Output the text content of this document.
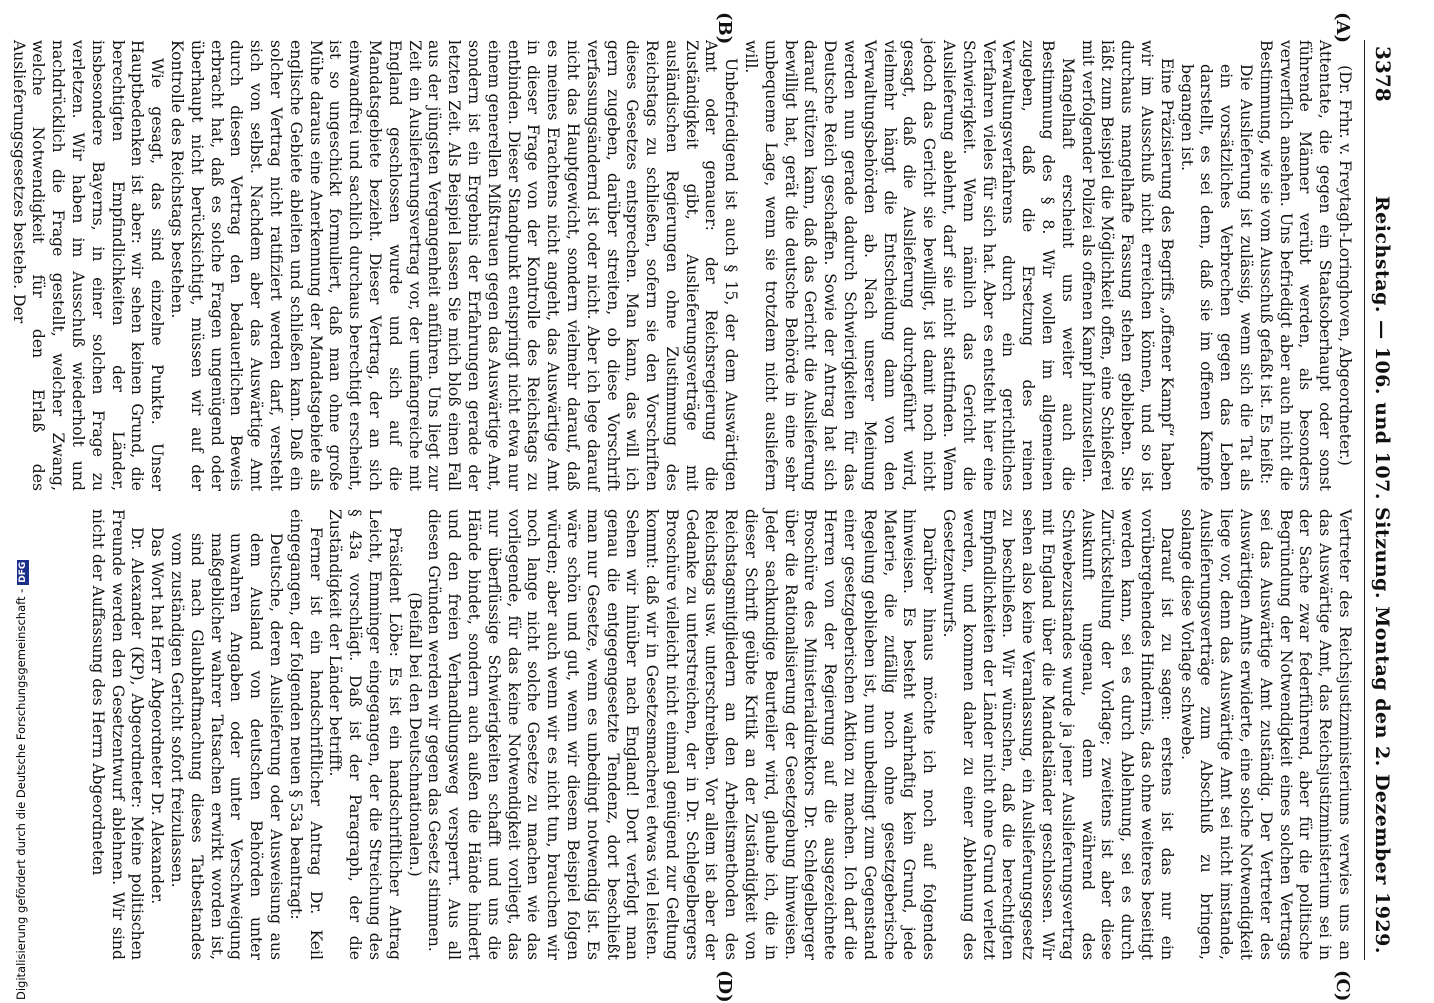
Digitalisierung gefördert durch die Deutsche Forschungsgemeinschaft -DFG
3378
Reichstag. — 106. und 107. Sitzung. Montag den 2. Dezember 1929.

(Dr. Frhr. v. Freytagh-Loringhoven, Abgeordneter.)

Attentate, die gegen ein Staatsoberhaupt oder sonst führende Männer verübt werden, als besonders verwerflich ansehen. Uns befriedigt aber auch nicht die Bestimmung, wie sie vom Ausschuß gefaßt ist. Es heißt:

Die Auslieferung ist zulässig, wenn sich die Tat als ein vorsätzliches Verbrechen gegen das Leben darstellt, es sei denn, daß sie im offenen Kampfe begangen ist.

Eine Präzisierung des Begriffs „offener Kampf“ haben wir im Ausschuß nicht erreichen können, und so ist durchaus mangelhafte Fassung stehen geblieben. Sie läßt zum Beispiel die Möglichkeit offen, eine Schießerei mit verfolgender Polizei als offenen Kampf hinzustellen.

Mangelhaft erscheint uns weiter auch die Bestimmung des § 8. Wir wollen im allgemeinen zugeben, daß die Ersetzung des reinen Verwaltungsverfahrens durch ein gerichtliches Verfahren vieles für sich hat. Aber es entsteht hier eine Schwierigkeit. Wenn nämlich das Gericht die Auslieferung ablehnt, darf sie nicht stattfinden. Wenn jedoch das Gericht sie bewilligt, ist damit noch nicht gesagt, daß die Auslieferung durchgeführt wird, vielmehr hängt die Entscheidung dann von den Verwaltungsbehörden ab. Nach unserer Meinung werden nun gerade dadurch Schwierigkeiten für das Deutsche Reich geschaffen. Sowie der Antrag hat sich darauf stützen kann, daß das Gericht die Auslieferung bewilligt hat, gerät die deutsche Behörde in eine sehr unbequeme Lage, wenn sie trotzdem nicht ausliefern will.

Unbefriedigend ist auch § 15, der dem Auswärtigen Amt oder genauer: der Reichsregierung die Zuständigkeit gibt, Auslieferungsverträge mit ausländischen Regierungen ohne Zustimmung des Reichstags zu schließen, sofern sie den Vorschriften dieses Gesetzes entsprechen. Man kann, das will ich gern zugeben, darüber streiten, ob diese Vorschrift verfassungsändernd ist oder nicht. Aber ich lege darauf nicht das Hauptgewicht, sondern vielmehr darauf, daß es meines Erachtens nicht angeht, das Auswärtige Amt in dieser Frage von der Kontrolle des Reichstags zu entbinden. Dieser Standpunkt entspringt nicht etwa nur einem generellen Mißtrauen gegen das Auswärtige Amt, sondern ist ein Ergebnis der Erfahrungen gerade der letzten Zeit. Als Beispiel lassen Sie mich bloß einen Fall aus der jüngsten Vergangenheit anführen. Uns liegt zur Zeit ein Auslieferungsvertrag vor, der umfangreiche mit England geschlossen wurde und sich auf die Mandatsgebiete bezieht. Dieser Vertrag, der an sich einwandfrei und sachlich durchaus berechtigt erscheint, ist so ungeschickt formuliert, daß man ohne große Mühe daraus eine Anerkennung der Mandatsgebiete als englische Gebiete ableiten und schließen kann. Daß ein solcher Vertrag nicht ratifiziert werden darf, versteht sich von selbst. Nachdem aber das Auswärtige Amt durch diesen Vertrag den bedauerlichen Beweis erbracht hat, daß es solche Fragen ungenügend oder überhaupt nicht berücksichtigt, müssen wir auf der Kontrolle des Reichstags bestehen.

Wie gesagt, das sind einzelne Punkte. Unser Hauptbedenken ist aber: wir sehen keinen Grund, die berechtigten Empfindlichkeiten der Länder, insbesondere Bayerns, in einer solchen Frage zu verletzen. Wir haben im Ausschuß wiederholt und nachdrücklich die Frage gestellt, welcher Zwang, welche Notwendigkeit für den Erlaß des Auslieferungsgesetzes bestehe. Der

Vertreter des Reichsjustizministeriums verwies uns an das Auswärtige Amt, das Reichsjustizministerium sei in der Sache zwar federführend, aber für die politische Begründung der Notwendigkeit eines solchen Vertrags sei das Auswärtige Amt zuständig. Der Vertreter des Auswärtigen Amts erwiderte, eine solche Notwendigkeit liege vor, denn das Auswärtige Amt sei nicht imstande, Auslieferungsverträge zum Abschluß zu bringen, solange diese Vorlage schwebe.

Darauf ist zu sagen: erstens ist das nur ein vorübergehendes Hindernis, das ohne weiteres beseitigt werden kann, sei es durch Ablehnung, sei es durch Zurückstellung der Vorlage; zweitens ist aber diese Auskunft ungenau, denn während des Schwebezustandes wurde ja jener Auslieferungsvertrag mit England über die Mandatsländer geschlossen. Wir sehen also keine Veranlassung, ein Auslieferungsgesetz zu beschließen. Wir wünschen, daß die berechtigten Empfindlichkeiten der Länder nicht ohne Grund verletzt werden, und kommen daher zu einer Ablehnung des Gesetzentwurfs.

Darüber hinaus möchte ich noch auf folgendes hinweisen. Es besteht wahrhaftig kein Grund, jede Materie, die zufällig noch ohne gesetzgeberische Regelung geblieben ist, nun unbedingt zum Gegenstand einer gesetzgeberischen Aktion zu machen. Ich darf die Herren von der Regierung auf die ausgezeichnete Broschüre des Ministerialdirektors Dr. Schlegelberger über die Rationalisierung der Gesetzgebung hinweisen. Jeder sachkundige Beurteiler wird, glaube ich, die in dieser Schrift geübte Kritik an der Zuständigkeit von Reichstagsmitgliedern an den Arbeitsmethoden des Reichstags usw. unterschreiben. Vor allem ist aber der Gedanke zu unterstreichen, der in Dr. Schlegelbergers Broschüre vielleicht nicht einmal genügend zur Geltung kommt: daß wir in Gesetzesmacherei etwas viel leisten. Sehen wir hinüber nach England! Dort verfolgt man genau die entgegengesetzte Tendenz, dort beschließt man nur Gesetze, wenn es unbedingt notwendig ist. Es wäre schön und gut, wenn wir diesem Beispiel folgen würden; aber auch wenn wir es nicht tun, brauchen wir noch lange nicht solche Gesetze zu machen wie das vorliegende, für das keine Notwendigkeit vorliegt, das nur überflüssige Schwierigkeiten schafft und uns die Hände bindet, sondern auch außen die Hände hindert und den freien Verhandlungsweg versperrt. Aus all diesen Gründen werden wir gegen das Gesetz stimmen.

(Beifall bei den Deutschnationalen.)

Präsident Löbe: Es ist ein handschriftlicher Antrag Leicht, Emminger eingegangen, der die Streichung des § 43a vorschlägt. Daß ist der Paragraph, der die Zuständigkeit der Länder betrifft.

Ferner ist ein handschriftlicher Antrag Dr. Keil eingegangen, der folgenden neuen § 53a beantragt:

Deutsche, deren Auslieferung oder Ausweisung aus dem Ausland von deutschen Behörden unter unwahren Angaben oder unter Verschweigung maßgeblicher wahrer Tatsachen erwirkt worden ist, sind nach Glaubhaftmachung dieses Tatbestandes vom zuständigen Gericht sofort freizulassen.

Das Wort hat Herr Abgeordneter Dr. Alexander.

Dr. Alexander (KP), Abgeordneter: Meine politischen Freunde werden den Gesetzentwurf ablehnen. Wir sind nicht der Auffassung des Herrn Abgeordneten

(A)
(B)
(C)
(D)
